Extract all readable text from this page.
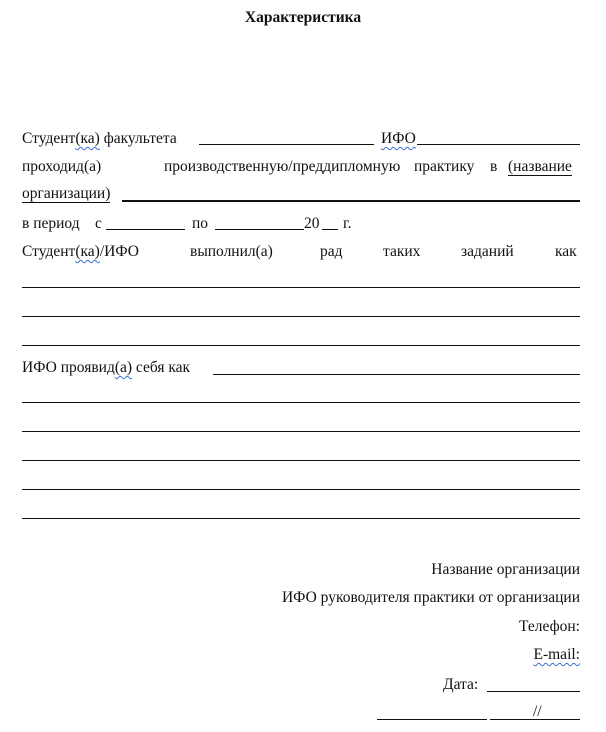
Характеристика
Студент(ка) факультета	ИФО
проходид(а)	производственную/преддипломную практику в (название
организации)
в период с	по	20 г.
Студент(ка)/ИФО	выполнил(а)	рад	таких	заданий	как
ИФО проявид(а) себя как
Название организации
ИФО руководителя практики от организации
Телефон:
E-mail:
Дата:
//
